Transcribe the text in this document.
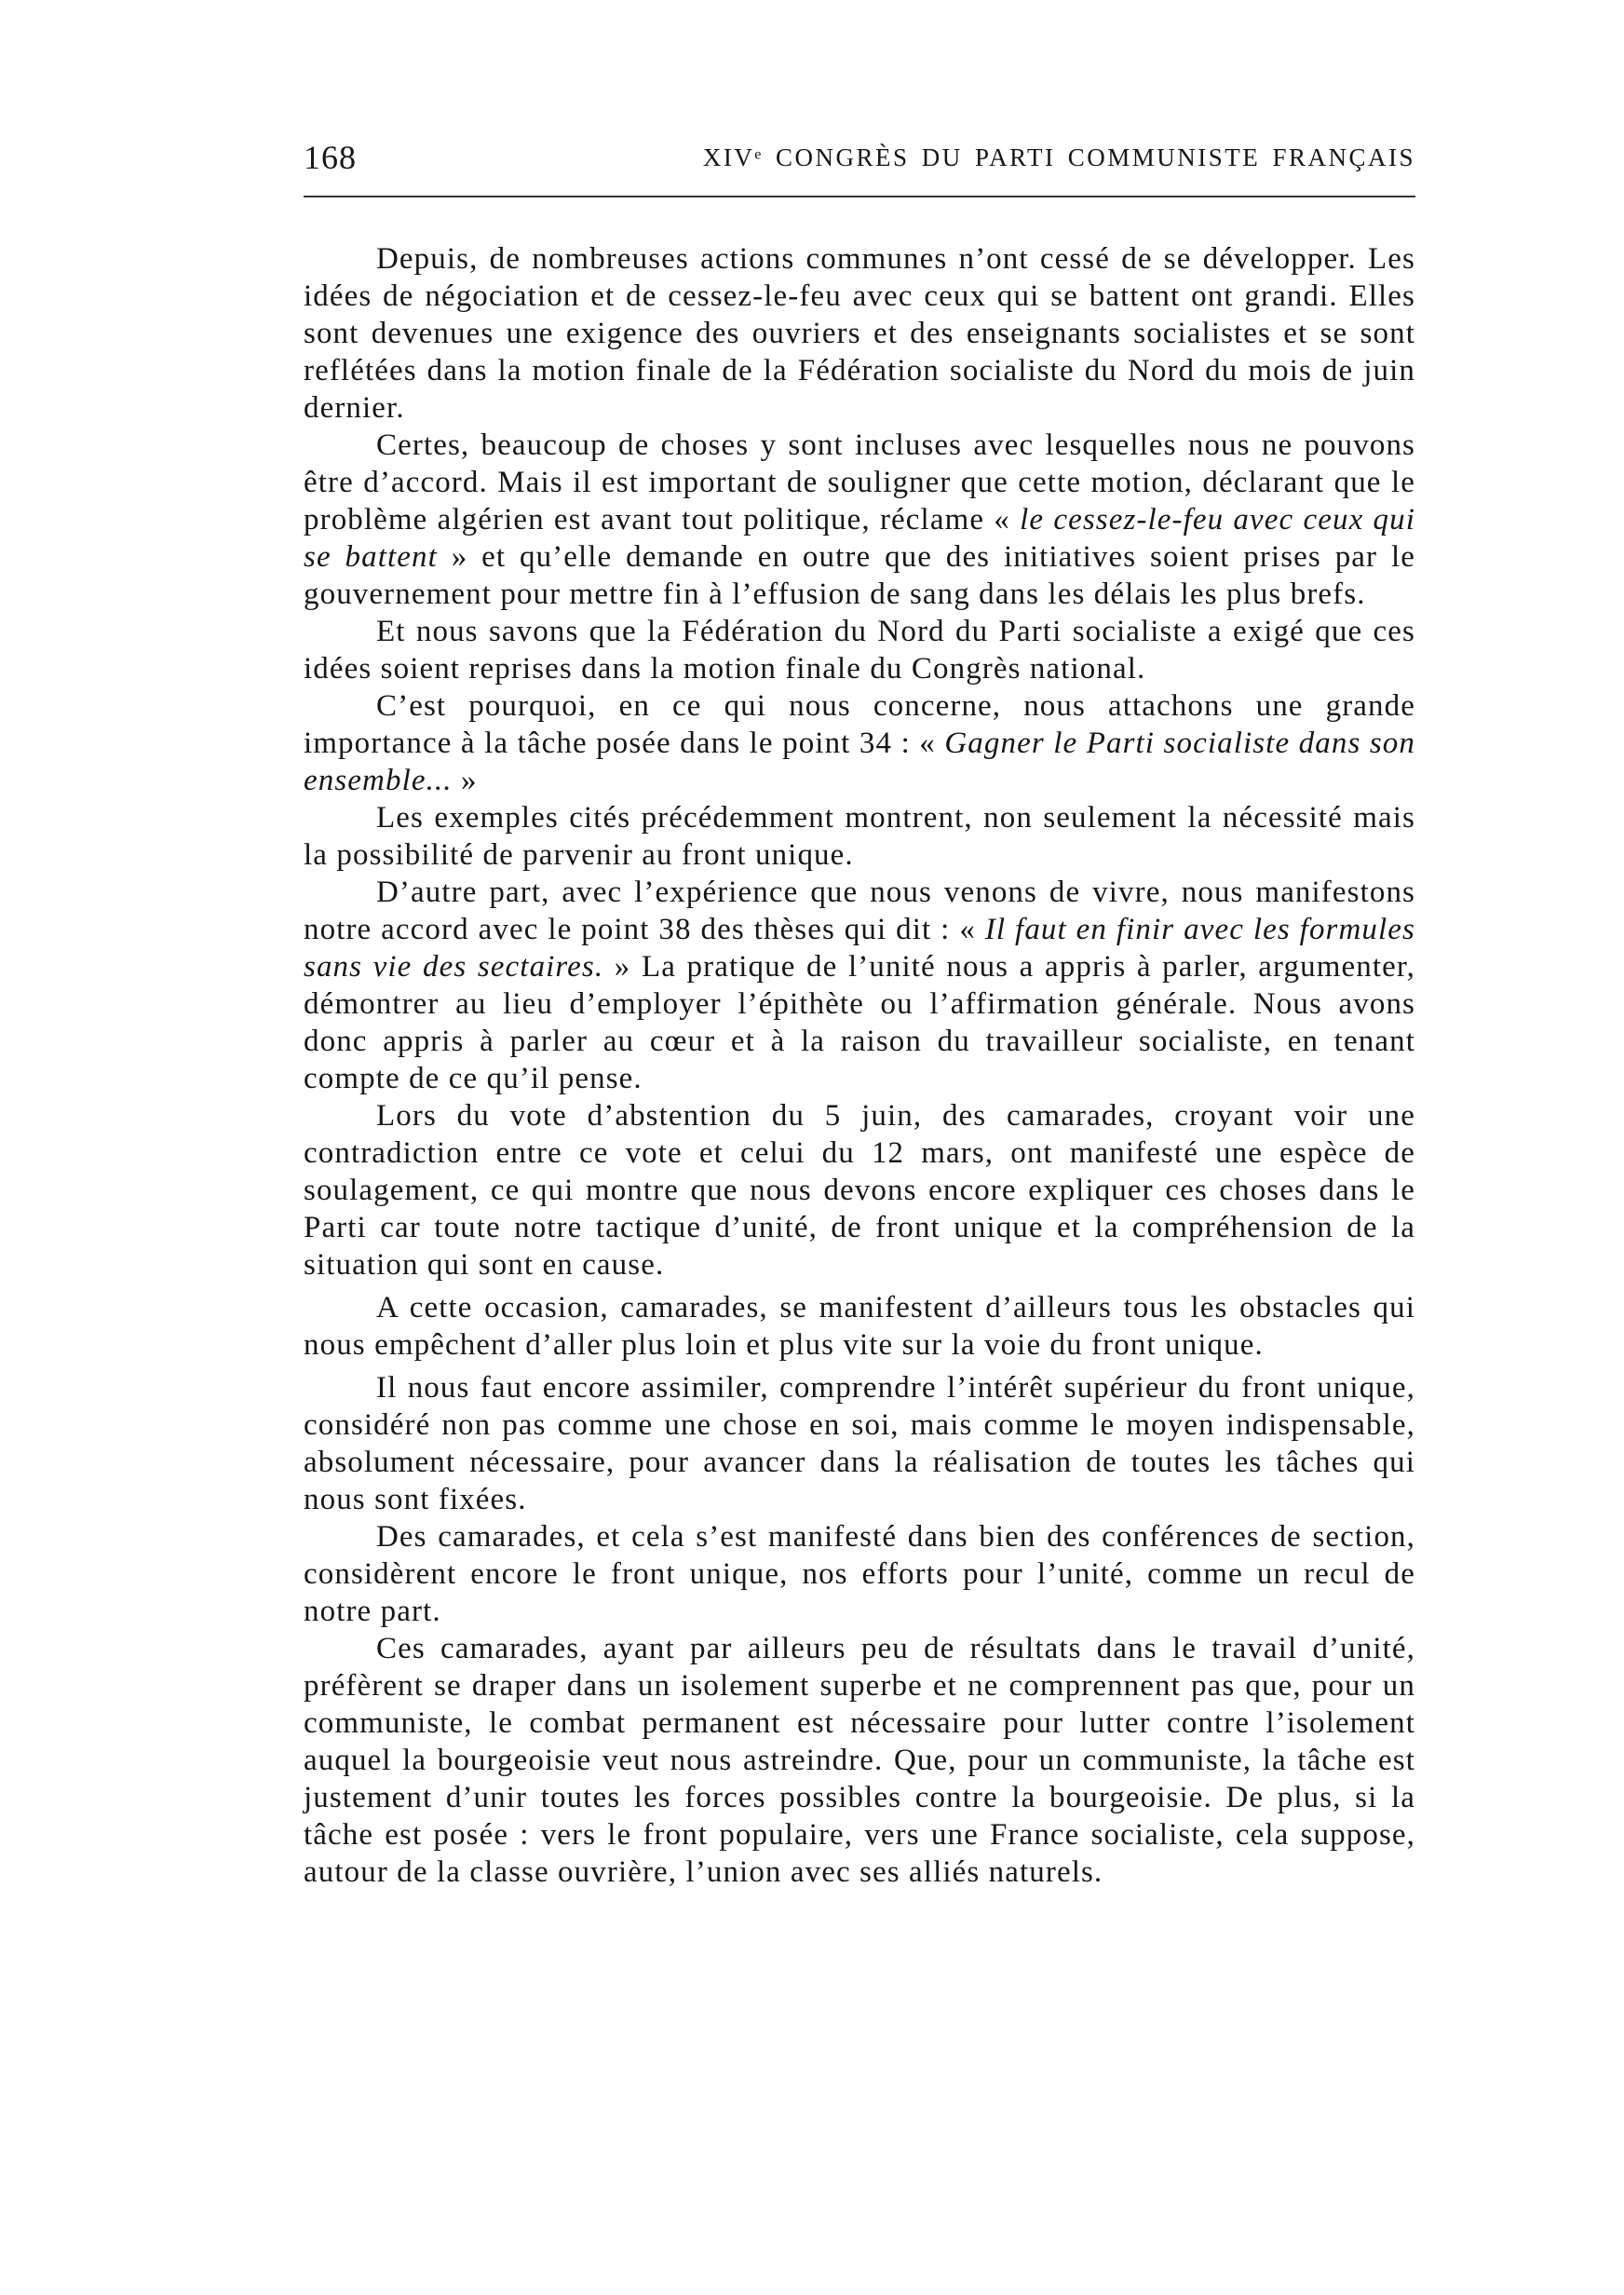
168	XIVᵉ CONGRÈS DU PARTI COMMUNISTE FRANÇAIS

Depuis, de nombreuses actions communes n’ont cessé de se développer. Les idées de négociation et de cessez-le-feu avec ceux qui se battent ont grandi. Elles sont devenues une exigence des ouvriers et des enseignants socialistes et se sont reflétées dans la motion finale de la Fédération socialiste du Nord du mois de juin dernier.

Certes, beaucoup de choses y sont incluses avec lesquelles nous ne pouvons être d’accord. Mais il est important de souligner que cette motion, déclarant que le problème algérien est avant tout politique, réclame « le cessez-le-feu avec ceux qui se battent » et qu’elle demande en outre que des initiatives soient prises par le gouvernement pour mettre fin à l’effusion de sang dans les délais les plus brefs.

Et nous savons que la Fédération du Nord du Parti socialiste a exigé que ces idées soient reprises dans la motion finale du Congrès national.

C’est pourquoi, en ce qui nous concerne, nous attachons une grande importance à la tâche posée dans le point 34 : « Gagner le Parti socialiste dans son ensemble... »

Les exemples cités précédemment montrent, non seulement la nécessité mais la possibilité de parvenir au front unique.

D’autre part, avec l’expérience que nous venons de vivre, nous manifestons notre accord avec le point 38 des thèses qui dit : « Il faut en finir avec les formules sans vie des sectaires. » La pratique de l’unité nous a appris à parler, argumenter, démontrer au lieu d’employer l’épithète ou l’affirmation générale. Nous avons donc appris à parler au cœur et à la raison du travailleur socialiste, en tenant compte de ce qu’il pense.

Lors du vote d’abstention du 5 juin, des camarades, croyant voir une contradiction entre ce vote et celui du 12 mars, ont manifesté une espèce de soulagement, ce qui montre que nous devons encore expliquer ces choses dans le Parti car toute notre tactique d’unité, de front unique et la compréhension de la situation qui sont en cause.

A cette occasion, camarades, se manifestent d’ailleurs tous les obstacles qui nous empêchent d’aller plus loin et plus vite sur la voie du front unique.

Il nous faut encore assimiler, comprendre l’intérêt supérieur du front unique, considéré non pas comme une chose en soi, mais comme le moyen indispensable, absolument nécessaire, pour avancer dans la réalisation de toutes les tâches qui nous sont fixées.

Des camarades, et cela s’est manifesté dans bien des conférences de section, considèrent encore le front unique, nos efforts pour l’unité, comme un recul de notre part.

Ces camarades, ayant par ailleurs peu de résultats dans le travail d’unité, préfèrent se draper dans un isolement superbe et ne comprennent pas que, pour un communiste, le combat permanent est nécessaire pour lutter contre l’isolement auquel la bourgeoisie veut nous astreindre. Que, pour un communiste, la tâche est justement d’unir toutes les forces possibles contre la bourgeoisie. De plus, si la tâche est posée : vers le front populaire, vers une France socialiste, cela suppose, autour de la classe ouvrière, l’union avec ses alliés naturels.
